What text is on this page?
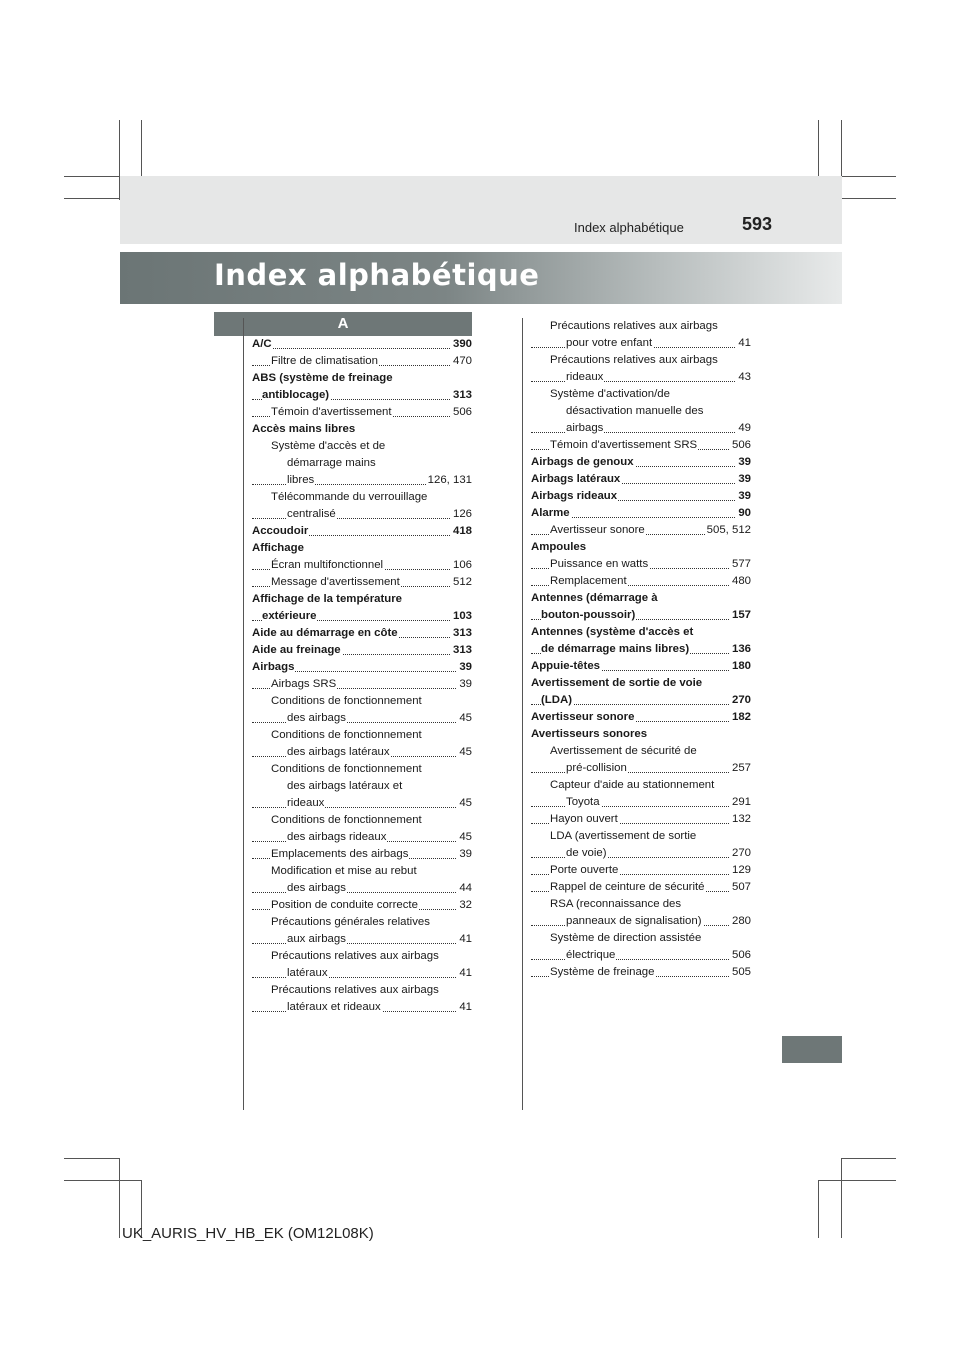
Index alphabétique	593
Index alphabétique
A
A/C	390
Filtre de climatisation	470
ABS (système de freinage
antiblocage)	313
Témoin d'avertissement	506
Accès mains libres
Système d'accès et de
démarrage mains
libres	126, 131
Télécommande du verrouillage
centralisé	126
Accoudoir	418
Affichage
Écran multifonctionnel	106
Message d'avertissement	512
Affichage de la température
extérieure	103
Aide au démarrage en côte	313
Aide au freinage	313
Airbags	39
Airbags SRS	39
Conditions de fonctionnement
des airbags	45
Conditions de fonctionnement
des airbags latéraux	45
Conditions de fonctionnement
des airbags latéraux et
rideaux	45
Conditions de fonctionnement
des airbags rideaux	45
Emplacements des airbags	39
Modification et mise au rebut
des airbags	44
Position de conduite correcte	32
Précautions générales relatives
aux airbags	41
Précautions relatives aux airbags
latéraux	41
Précautions relatives aux airbags
latéraux et rideaux	41
Précautions relatives aux airbags
pour votre enfant	41
Précautions relatives aux airbags
rideaux	43
Système d'activation/de
désactivation manuelle des
airbags	49
Témoin d'avertissement SRS	506
Airbags de genoux	39
Airbags latéraux	39
Airbags rideaux	39
Alarme	90
Avertisseur sonore	505, 512
Ampoules
Puissance en watts	577
Remplacement	480
Antennes (démarrage à
bouton-poussoir)	157
Antennes (système d'accès et
de démarrage mains libres)	136
Appuie-têtes	180
Avertissement de sortie de voie
(LDA)	270
Avertisseur sonore	182
Avertisseurs sonores
Avertissement de sécurité de
pré-collision	257
Capteur d'aide au stationnement
Toyota	291
Hayon ouvert	132
LDA (avertissement de sortie
de voie)	270
Porte ouverte	129
Rappel de ceinture de sécurité 507
RSA (reconnaissance des
panneaux de signalisation)	280
Système de direction assistée
électrique	506
Système de freinage	505
UK_AURIS_HV_HB_EK (OM12L08K)
